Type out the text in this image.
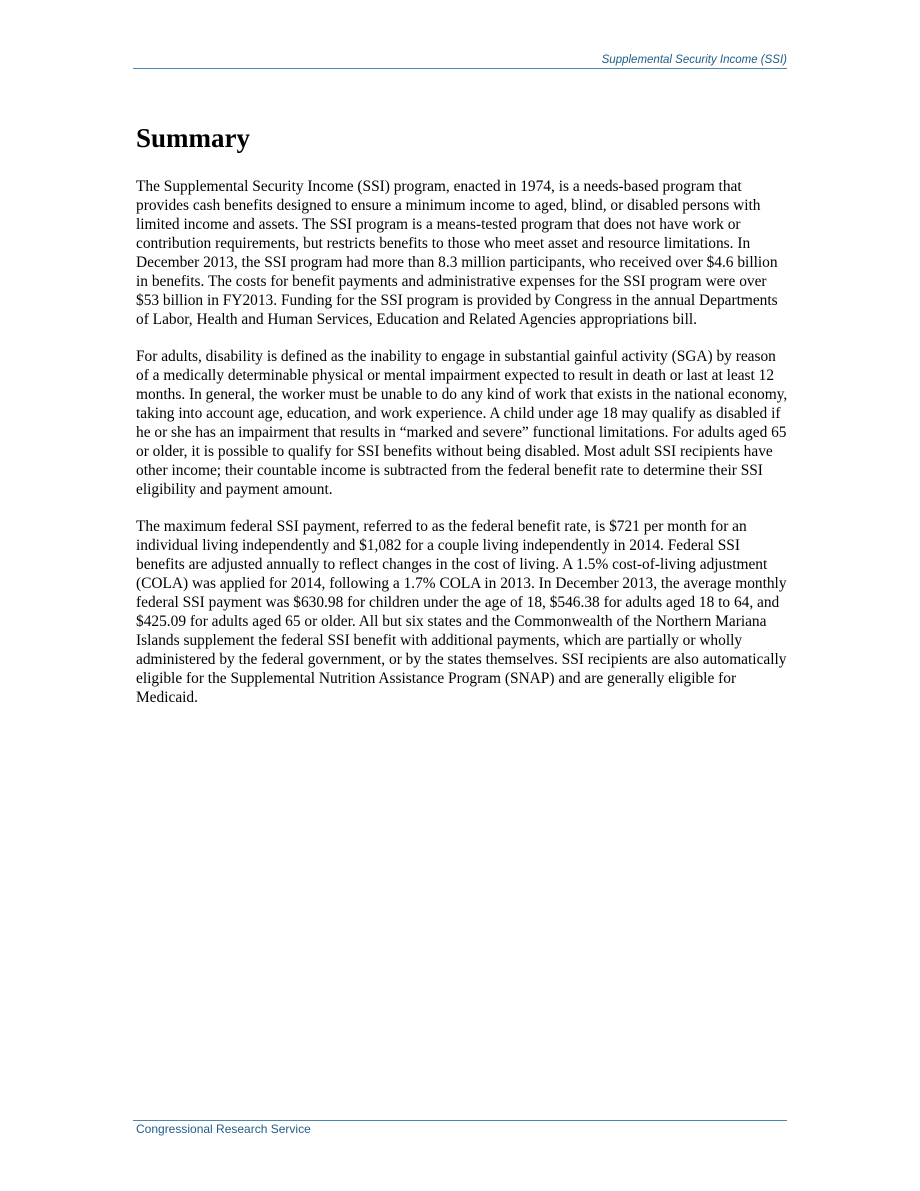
Supplemental Security Income (SSI)
Summary

The Supplemental Security Income (SSI) program, enacted in 1974, is a needs-based program that provides cash benefits designed to ensure a minimum income to aged, blind, or disabled persons with limited income and assets. The SSI program is a means-tested program that does not have work or contribution requirements, but restricts benefits to those who meet asset and resource limitations. In December 2013, the SSI program had more than 8.3 million participants, who received over $4.6 billion in benefits. The costs for benefit payments and administrative expenses for the SSI program were over $53 billion in FY2013. Funding for the SSI program is provided by Congress in the annual Departments of Labor, Health and Human Services, Education and Related Agencies appropriations bill.

For adults, disability is defined as the inability to engage in substantial gainful activity (SGA) by reason of a medically determinable physical or mental impairment expected to result in death or last at least 12 months. In general, the worker must be unable to do any kind of work that exists in the national economy, taking into account age, education, and work experience. A child under age 18 may qualify as disabled if he or she has an impairment that results in “marked and severe” functional limitations. For adults aged 65 or older, it is possible to qualify for SSI benefits without being disabled. Most adult SSI recipients have other income; their countable income is subtracted from the federal benefit rate to determine their SSI eligibility and payment amount.

The maximum federal SSI payment, referred to as the federal benefit rate, is $721 per month for an individual living independently and $1,082 for a couple living independently in 2014. Federal SSI benefits are adjusted annually to reflect changes in the cost of living. A 1.5% cost-of-living adjustment (COLA) was applied for 2014, following a 1.7% COLA in 2013. In December 2013, the average monthly federal SSI payment was $630.98 for children under the age of 18, $546.38 for adults aged 18 to 64, and $425.09 for adults aged 65 or older. All but six states and the Commonwealth of the Northern Mariana Islands supplement the federal SSI benefit with additional payments, which are partially or wholly administered by the federal government, or by the states themselves. SSI recipients are also automatically eligible for the Supplemental Nutrition Assistance Program (SNAP) and are generally eligible for Medicaid.

Congressional Research Service
